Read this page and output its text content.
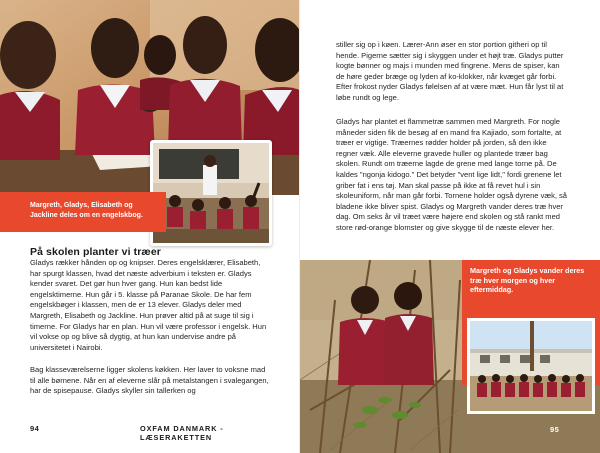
Margreth, Gladys, Elisabeth og Jackline deles om en engelskbog.

På skolen planter vi træer

Gladys rækker hånden op og knipser. Deres engelsklærer, Elisabeth, har spurgt klassen, hvad det næste adverbium i teksten er. Gladys kender svaret. Det gør hun hver gang. Hun kan bedst lide engelsktimerne. Hun går i 5. klasse på Paranae Skole. De har fem engelskbøger i klassen, men de er 13 elever. Gladys deler med Margreth, Elisabeth og Jackline. Hun prøver altid på at suge til sig i timerne. For Gladys har en plan. Hun vil være professor i engelsk. Hun vil vokse op og blive så dygtig, at hun kan undervise andre på universitetet i Nairobi.

Bag klasseværelserne ligger skolens køkken. Her laver to voksne mad til alle børnene. Når en af eleverne slår på metalstangen i svalegangen, har de spisepause. Gladys skyller sin tallerken og

94	OXFAM DANMARK - LÆSERAKETTEN

stiller sig op i køen. Lærer-Ann øser en stor portion githeri op til hende. Pigerne sætter sig i skyggen under et højt træ. Gladys putter kogte bønner og majs i munden med fingrene. Mens de spiser, kan de høre geder bræge og lyden af ko-klokker, når kvæget går forbi. Efter frokost nyder Gladys følelsen af at være mæt. Hun får lyst til at løbe rundt og lege.

Gladys har plantet et flammetræ sammen med Margreth. For nogle måneder siden fik de besøg af en mand fra Kajiado, som fortalte, at træer er vigtige. Træernes rødder holder på jorden, så den ikke regner væk. Alle eleverne gravede huller og plantede træer bag skolen. Rundt om træerne lagde de grene med lange torne på. De kaldes "ngonja kidogo." Det betyder "vent lige lidt," fordi grenene let griber fat i ens tøj. Man skal passe på ikke at få revet hul i sin skoleuniform, når man går forbi. Tornene holder også dyrene væk, så bladene ikke bliver spist. Gladys og Margreth vander deres træ hver dag. Om seks år vil træet være højere end skolen og stå rankt med store rød-orange blomster og give skygge til de næste elever her.

Margreth og Gladys vander deres træ hver morgen og hver eftermiddag.

95
